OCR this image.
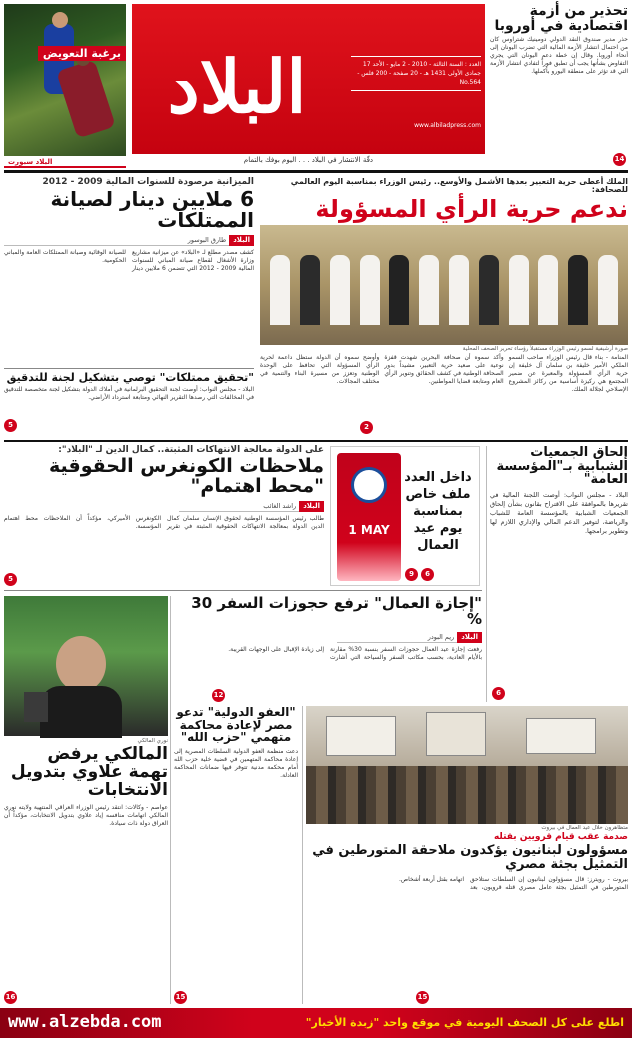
برغبة التعويض
البلاد سبورت
البلاد	العدد : السنة الثالثة - 2010 - 2 مايو - الأحد 17 جمادى الأولى 1431 هـ - 20 صفحة - 200 فلس - No.564
www.albiladpress.com
دقّة الانتشار في البلاد . . . اليوم بوفك بالتمام
تحذير من أزمة اقتصادية في أوروبا
حذر مدير صندوق النقد الدولي دومينيك شتراوس كان من احتمال انتشار الأزمة المالية التي تضرب اليونان إلى أنحاء أوروبا. وقال إن خطة دعم اليونان التي يجري التفاوض بشأنها يجب أن تطبق فوراً لتفادي انتشار الأزمة التي قد تؤثر على منطقة اليورو بأكملها.
14
الميزانية مرصودة للسنوات المالية 2009 - 2012
6 ملايين دينار لصيانة الممتلكات
البلاد
طارق البوسور
كشف مصدر مطلع لـ «البلاد» عن ميزانية مشاريع وزارة الأشغال لقطاع صيانة المباني للسنوات المالية 2009 - 2012 التي تتضمن 6 ملايين دينار للصيانة الوقائية وصيانة الممتلكات العامة والمباني الحكومية.
"تحقيق ممتلكات" توصي بتشكيل لجنة للتدقيق
البلاد - مجلس النواب: أوصت لجنة التحقيق البرلمانية في أملاك الدولة بتشكيل لجنة متخصصة للتدقيق في المخالفات التي رصدها التقرير النهائي ومتابعة استرداد الأراضي.
5
الملك أعطى حرية التعبير بعدها الأشمل والأوسع.. رئيس الوزراء بمناسبة اليوم العالمي للصحافة:
ندعم حرية الرأي المسؤولة
صورة أرشيفية لسمو رئيس الوزراء مستقبلاً رؤساء تحرير الصحف المحلية
المنامة - بناء قال رئيس الوزراء صاحب السمو الملكي الأمير خليفة بن سلمان آل خليفة إن حرية الرأي المسؤولة والمعبرة عن ضمير المجتمع هي ركيزة أساسية من ركائز المشروع الإصلاحي لجلالة الملك.
وأكد سموه أن صحافة البحرين شهدت قفزة نوعية على صعيد حرية التعبير، مشيداً بدور الصحافة الوطنية في كشف الحقائق وتنوير الرأي العام ومتابعة قضايا المواطنين.
وأوضح سموه أن الدولة ستظل داعمة لحرية الرأي المسؤولة التي تحافظ على الوحدة الوطنية وتعزز من مسيرة البناء والتنمية في مختلف المجالات.
2
إلحاق الجمعيات الشبابية بـ"المؤسسة العامة"
البلاد - مجلس النواب: أوصت اللجنة المالية في تقريرها بالموافقة على الاقتراح بقانون بشأن إلحاق الجمعيات الشبابية بالمؤسسة العامة للشباب والرياضة، لتوفير الدعم المالي والإداري اللازم لها وتطوير برامجها.
6
داخل العدد ملف خاص بمناسبة يوم عيد العمال
1 MAY
9	6
على الدولة معالجة الانتهاكات المثبتة.. كمال الدين لـ "البلاد":
ملاحظات الكونغرس الحقوقية "محط اهتمام"
البلاد
راشد الغائب
طالب رئيس المؤسسة الوطنية لحقوق الإنسان سلمان كمال الدين الدولة بمعالجة الانتهاكات الحقوقية المثبتة في تقرير الكونغرس الأميركي، مؤكداً أن الملاحظات محط اهتمام المؤسسة.
5
"إجازة العمال" ترفع حجوزات السفر 30 %
البلاد
ريم البودر
رفعت إجازة عيد العمال حجوزات السفر بنسبة 30% مقارنة بالأيام العادية، بحسب مكاتب السفر والسياحة التي أشارت إلى زيادة الإقبال على الوجهات القريبة.
12
نوري المالكي
المالكي يرفض تهمة علاوي بتدويل الانتخابات
عواصم - وكالات: انتقد رئيس الوزراء العراقي المنتهية ولايته نوري المالكي اتهامات منافسه إياد علاوي بتدويل الانتخابات، مؤكداً أن العراق دولة ذات سيادة.
16
"العفو الدولية" تدعو مصر لإعادة محاكمة متهمي "حزب الله"
دعت منظمة العفو الدولية السلطات المصرية إلى إعادة محاكمة المتهمين في قضية خلية حزب الله أمام محكمة مدنية تتوفر فيها ضمانات المحاكمة العادلة.
15
متظاهرون خلال عيد العمال في بيروت
صدمة عقب قيام قرويين بقتله
مسؤولون لبنانيون يؤكدون ملاحقة المتورطين في التمثيل بجثة مصري
بيروت - رويترز: قال مسؤولون لبنانيون إن السلطات ستلاحق المتورطين في التمثيل بجثة عامل مصري قتله قرويون، بعد اتهامه بقتل أربعة أشخاص.
15
www.alzebda.com	اطلع على كل الصحف اليومية في موقع واحد "زبدة الأخبار"
